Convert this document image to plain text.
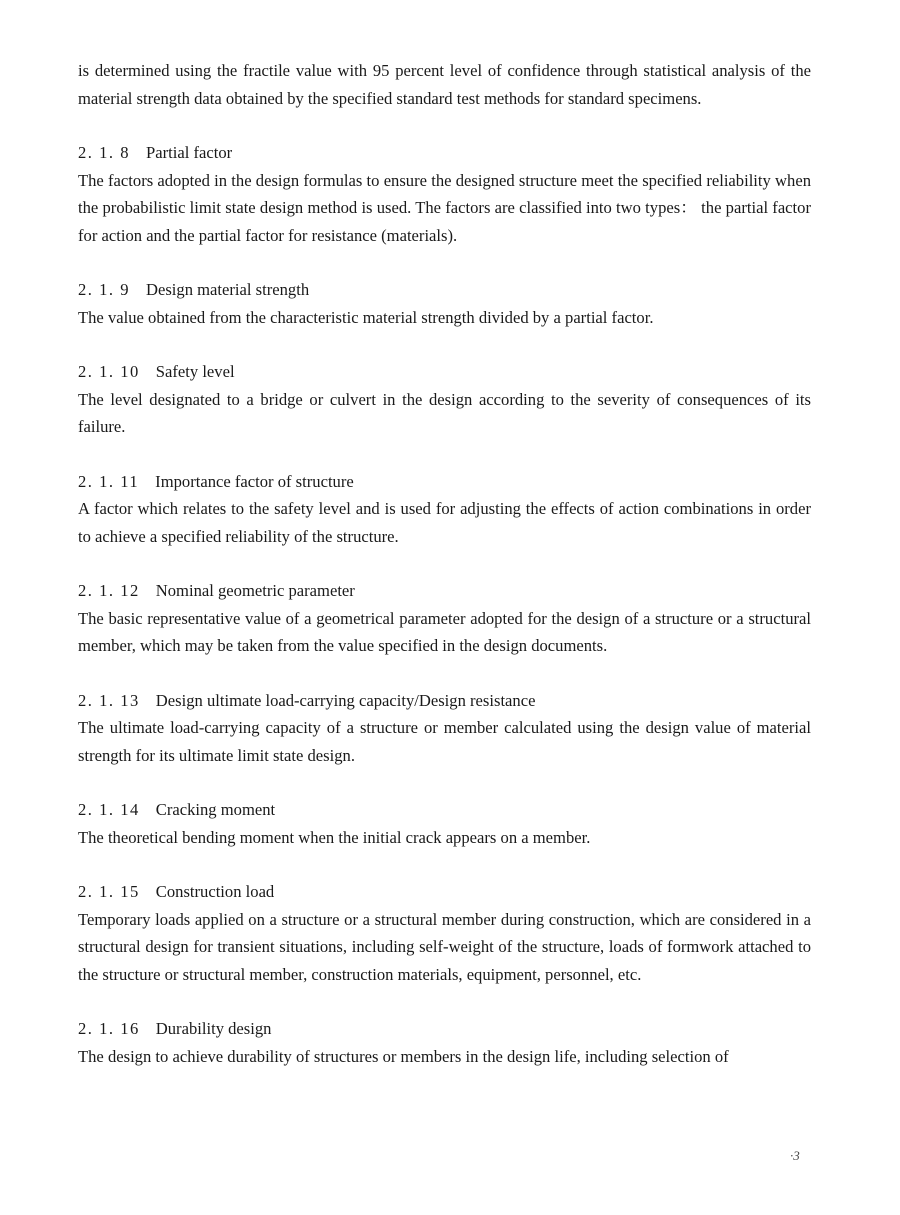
is determined using the fractile value with 95 percent level of confidence through statistical analysis of the material strength data obtained by the specified standard test methods for standard specimens.

2. 1. 8 Partial factor

The factors adopted in the design formulas to ensure the designed structure meet the specified reliability when the probabilistic limit state design method is used. The factors are classified into two types： the partial factor for action and the partial factor for resistance (materials).

2. 1. 9 Design material strength

The value obtained from the characteristic material strength divided by a partial factor.

2. 1. 10 Safety level

The level designated to a bridge or culvert in the design according to the severity of consequences of its failure.

2. 1. 11 Importance factor of structure

A factor which relates to the safety level and is used for adjusting the effects of action combinations in order to achieve a specified reliability of the structure.

2. 1. 12 Nominal geometric parameter

The basic representative value of a geometrical parameter adopted for the design of a structure or a structural member, which may be taken from the value specified in the design documents.

2. 1. 13 Design ultimate load-carrying capacity/Design resistance

The ultimate load-carrying capacity of a structure or member calculated using the design value of material strength for its ultimate limit state design.

2. 1. 14 Cracking moment

The theoretical bending moment when the initial crack appears on a member.

2. 1. 15 Construction load

Temporary loads applied on a structure or a structural member during construction, which are considered in a structural design for transient situations, including self-weight of the structure, loads of formwork attached to the structure or structural member, construction materials, equipment, personnel, etc.

2. 1. 16 Durability design

The design to achieve durability of structures or members in the design life, including selection of

·3
